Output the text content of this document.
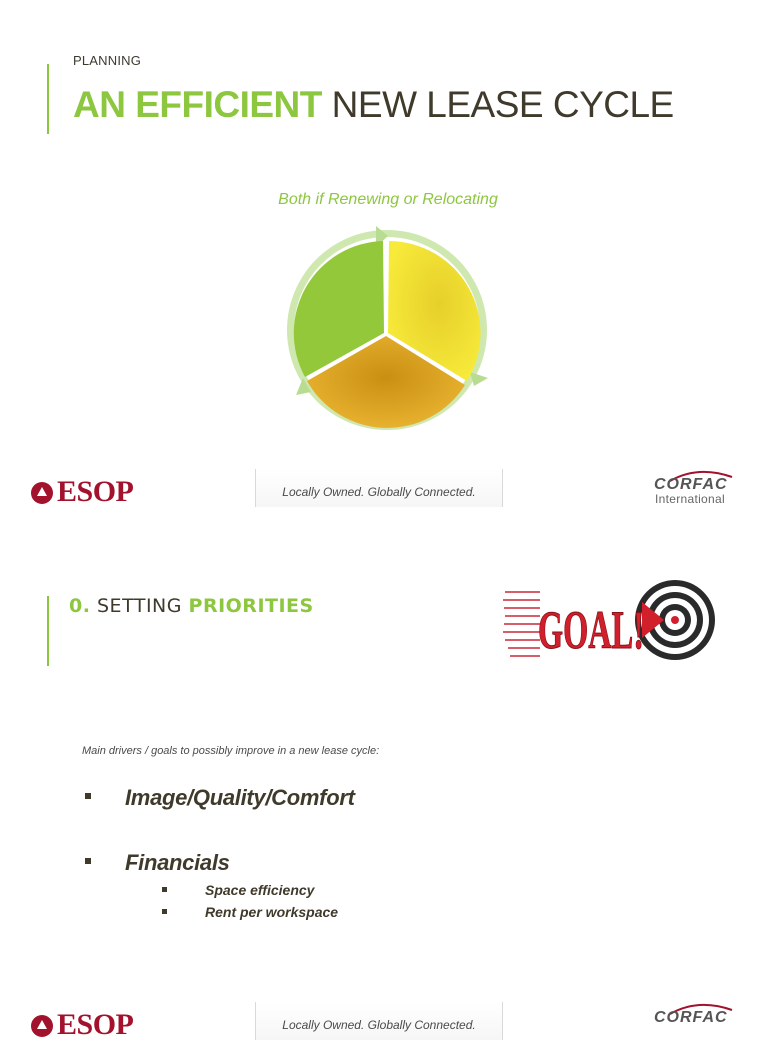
PLANNING
AN EFFICIENT NEW LEASE CYCLE
Both if Renewing or Relocating
ESOP	Locally Owned. Globally Connected.	CORFAC
International
0. SETTING PRIORITIES	GOAL!
Main drivers / goals to possibly improve in a new lease cycle:
Image/Quality/Comfort
Financials
Space efficiency
Rent per workspace
ESOP	Locally Owned. Globally Connected.	CORFAC
